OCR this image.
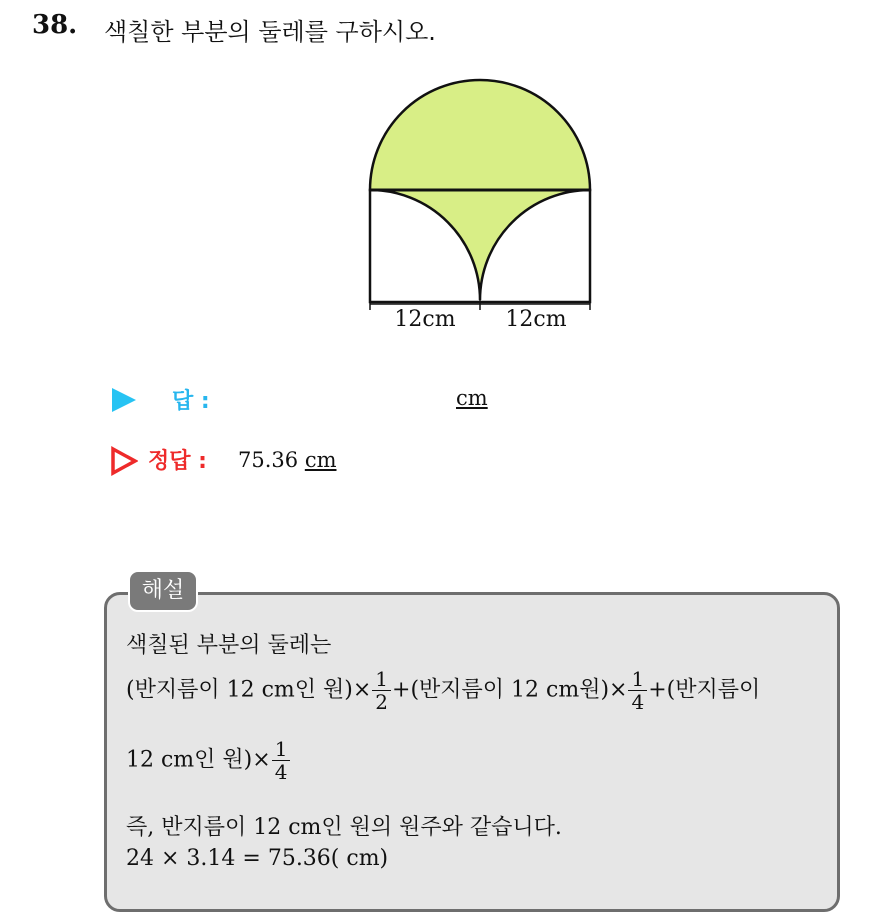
38. 색칠한 부분의 둘레를 구하시오.
12cm 12cm
답 :	cm
정답 : 75.36 cm
해설
색칠된 부분의 둘레는
(반지름이 12 cm인 원)× $\frac{1}{2}$ +(반지름이 12 cm원)× $\frac{1}{4}$ +(반지름이
12 cm인 원)× $\frac{1}{4}$
즉, 반지름이 12 cm인 원의 원주와 같습니다.
24 × 3.14 = 75.36( cm)
